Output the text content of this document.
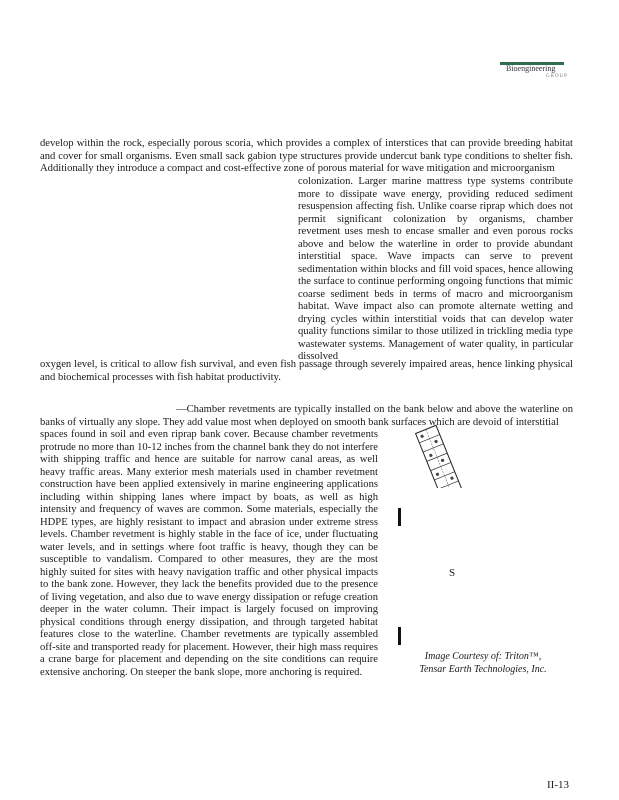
Bioengineering
GROUP

develop within the rock, especially porous scoria, which provides a complex of interstices that can provide breeding habitat and cover for small organisms. Even small sack gabion type structures provide undercut bank type conditions to shelter fish. Additionally they introduce a compact and cost-effective zone of porous material for wave mitigation and microorganism

colonization. Larger marine mattress type systems contribute more to dissipate wave energy, providing reduced sediment resuspension affecting fish. Unlike coarse riprap which does not permit significant colonization by organisms, chamber revetment uses mesh to encase smaller and even porous rocks above and below the waterline in order to provide abundant interstitial space. Wave impacts can serve to prevent sedimentation within blocks and fill void spaces, hence allowing the surface to continue performing ongoing functions that mimic coarse sediment beds in terms of macro and microorganism habitat. Wave impact also can promote alternate wetting and drying cycles within interstitial voids that can develop water quality functions similar to those utilized in trickling media type wastewater systems. Management of water quality, in particular dissolved

oxygen level, is critical to allow fish survival, and even fish passage through severely impaired areas, hence linking physical and biochemical processes with fish habitat productivity.

—Chamber revetments are typically installed on the bank below and above the waterline on banks of virtually any slope. They add value most when deployed on smooth bank surfaces which are devoid of interstitial

spaces found in soil and even riprap bank cover. Because chamber revetments protrude no more than 10-12 inches from the channel bank they do not interfere with shipping traffic and hence are suitable for narrow canal areas, as well heavy traffic areas. Many exterior mesh materials used in chamber revetment construction have been applied extensively in marine engineering applications including within shipping lanes where impact by boats, as well as high intensity and frequency of waves are common. Some materials, especially the HDPE types, are highly resistant to impact and abrasion under extreme stress levels. Chamber revetment is highly stable in the face of ice, under fluctuating water levels, and in settings where foot traffic is heavy, though they can be susceptible to vandalism. Compared to other measures, they are the most highly suited for sites with heavy navigation traffic and other physical impacts to the bank zone. However, they lack the benefits provided due to the presence of living vegetation, and also due to wave energy dissipation or refuge creation deeper in the water column. Their impact is largely focused on improving physical conditions through energy dissipation, and through targeted habitat features close to the waterline. Chamber revetments are typically assembled off-site and transported ready for placement. However, their high mass requires a crane barge for placement and depending on the site conditions can require extensive anchoring. On steeper the bank slope, more anchoring is required.

S
Image Courtesy of: Triton™,
Tensar Earth Technologies, Inc.
II-13
